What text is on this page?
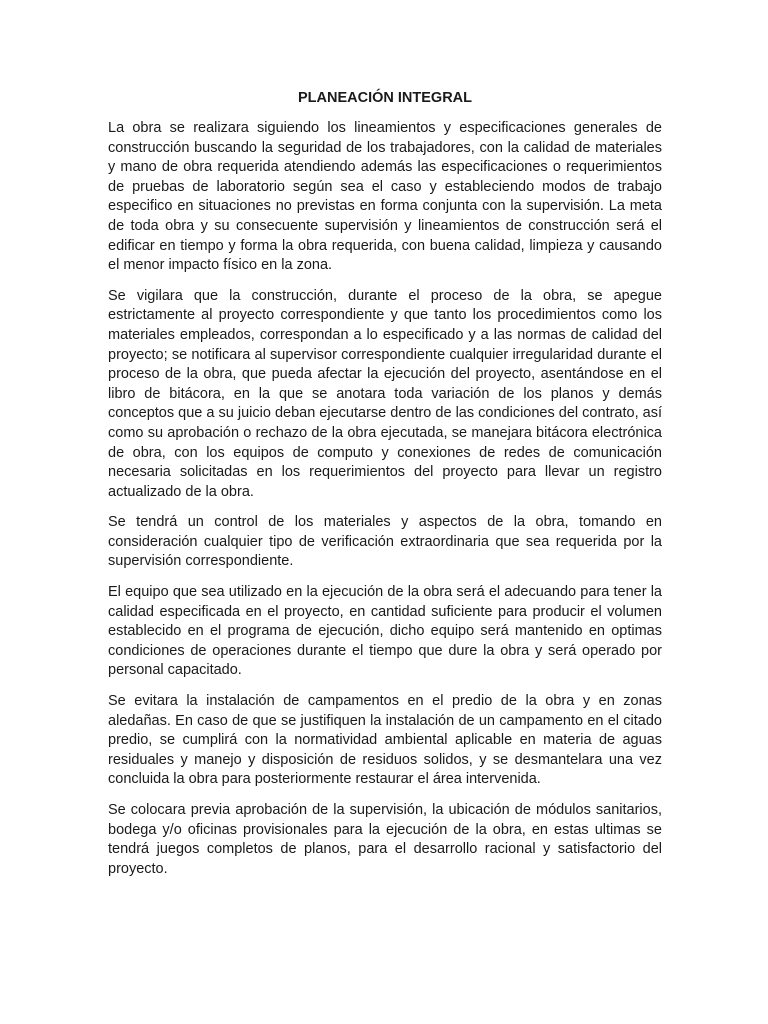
PLANEACIÓN INTEGRAL

La obra se realizara siguiendo los lineamientos y especificaciones generales de construcción buscando la seguridad de los trabajadores, con la calidad de materiales y mano de obra requerida atendiendo además las especificaciones o requerimientos de pruebas de laboratorio según sea el caso y estableciendo modos de trabajo especifico en situaciones no previstas en forma conjunta con la supervisión. La meta de toda obra y su consecuente supervisión y lineamientos de construcción será el edificar en tiempo y forma la obra requerida, con buena calidad, limpieza y causando el menor impacto físico en la zona.

Se vigilara que la construcción, durante el proceso de la obra, se apegue estrictamente al proyecto correspondiente y que tanto los procedimientos como los materiales empleados, correspondan a lo especificado y a las normas de calidad del proyecto; se notificara al supervisor correspondiente cualquier irregularidad durante el proceso de la obra, que pueda afectar la ejecución del proyecto, asentándose en el libro de bitácora, en la que se anotara toda variación de los planos y demás conceptos que a su juicio deban ejecutarse dentro de las condiciones del contrato, así como su aprobación o rechazo de la obra ejecutada, se manejara bitácora electrónica de obra, con los equipos de computo y conexiones de redes de comunicación necesaria solicitadas en los requerimientos del proyecto para llevar un registro actualizado de la obra.

Se tendrá un control de los materiales y aspectos de la obra, tomando en consideración cualquier tipo de verificación extraordinaria que sea requerida por la supervisión correspondiente.

El equipo que sea utilizado en la ejecución de la obra será el adecuando para tener la calidad especificada en el proyecto, en cantidad suficiente para producir el volumen establecido en el programa de ejecución, dicho equipo será mantenido en optimas condiciones de operaciones durante el tiempo que dure la obra y será operado por personal capacitado.

Se evitara la instalación de campamentos en el predio de la obra y en zonas aledañas. En caso de que se justifiquen la instalación de un campamento en el citado predio, se cumplirá con la normatividad ambiental aplicable en materia de aguas residuales y manejo y disposición de residuos solidos, y se desmantelara una vez concluida la obra para posteriormente restaurar el área intervenida.

Se colocara previa aprobación de la supervisión, la ubicación de módulos sanitarios, bodega y/o oficinas provisionales para la ejecución de la obra, en estas ultimas se tendrá juegos completos de planos, para el desarrollo racional y satisfactorio del proyecto.
